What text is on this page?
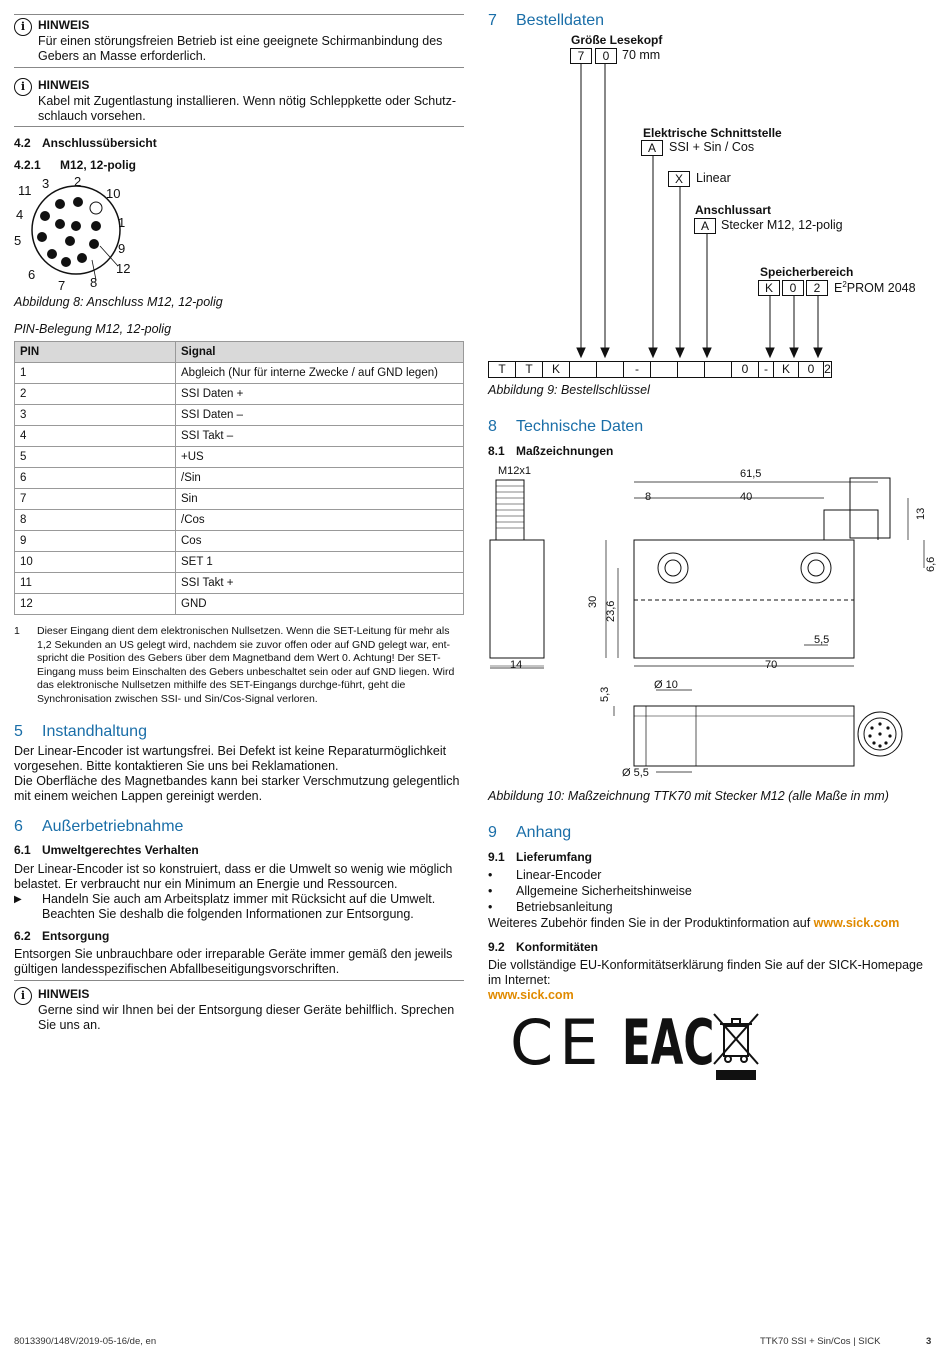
i	HINWEIS
Für einen störungsfreien Betrieb ist eine geeignete Schirmanbindung des Gebers an Masse erforderlich.
i	HINWEIS
Kabel mit Zugentlastung installieren. Wenn nötig Schleppkette oder Schutz-schlauch vorsehen.
4.2 Anschlussübersicht
4.2.1 M12, 12-polig
11 3 2
10
4
1
5
9
6	12
7 8
Abbildung 8: Anschluss M12, 12-polig
PIN-Belegung M12, 12-polig
PIN	Signal
1	Abgleich (Nur für interne Zwecke / auf GND legen)
2	SSI Daten +
3	SSI Daten –
4	SSI Takt –
5	+US
6	/Sin
7	Sin
8	/Cos
9	Cos
10	SET 1
11	SSI Takt +
12	GND
1	Dieser Eingang dient dem elektronischen Nullsetzen. Wenn die SET-Leitung für mehr als 1,2 Sekunden an US gelegt wird, nachdem sie zuvor offen oder auf GND gelegt war, ent-spricht die Position des Gebers über dem Magnetband dem Wert 0. Achtung! Der SET-Eingang muss beim Einschalten des Gebers unbeschaltet sein oder auf GND liegen. Wird das elektronische Nullsetzen mithilfe des SET-Eingangs durchge-führt, geht die Synchronisation zwischen SSI- und Sin/Cos-Signal verloren.
5 Instandhaltung
Der Linear-Encoder ist wartungsfrei. Bei Defekt ist keine Reparaturmöglichkeit vorgesehen. Bitte kontaktieren Sie uns bei Reklamationen.
Die Oberfläche des Magnetbandes kann bei starker Verschmutzung gelegentlich mit einem weichen Lappen gereinigt werden.
6 Außerbetriebnahme
6.1 Umweltgerechtes Verhalten
Der Linear-Encoder ist so konstruiert, dass er die Umwelt so wenig wie möglich belastet. Er verbraucht nur ein Minimum an Energie und Ressourcen.
▶	Handeln Sie auch am Arbeitsplatz immer mit Rücksicht auf die Umwelt. Beachten Sie deshalb die folgenden Informationen zur Entsorgung.
6.2 Entsorgung
Entsorgen Sie unbrauchbare oder irreparable Geräte immer gemäß den jeweils gültigen landesspezifischen Abfallbeseitigungsvorschriften.
i	HINWEIS
Gerne sind wir Ihnen bei der Entsorgung dieser Geräte behilflich. Sprechen Sie uns an.
7 Bestelldaten
Größe Lesekopf
7	0	70 mm
Elektrische Schnittstelle
A	SSI + Sin / Cos
X	Linear
Anschlussart
A Stecker M12, 12-polig
Speicherbereich
K	0	2	$E^2PROM$ 2048
T	T	K	-	0	-	K	0 2
Abbildung 9: Bestellschlüssel
8 Technische Daten
8.1 Maßzeichnungen
M12x1	61,5
8	40
13
6,6
30 23,6
5,5
14	70
5,3
Ø 10
Ø 5,5
Abbildung 10: Maßzeichnung TTK70 mit Stecker M12 (alle Maße in mm)
9 Anhang
9.1 Lieferumfang
• Linear-Encoder
• Allgemeine Sicherheitshinweise
• Betriebsanleitung
Weiteres Zubehör finden Sie in der Produktinformation auf www.sick.com
9.2 Konformitäten
Die vollständige EU-Konformitätserklärung finden Sie auf der SICK-Homepage im Internet:
www.sick.com
CE EAC
8013390/148V/2019-05-16/de, en	TTK70 SSI + Sin/Cos | SICK	3
